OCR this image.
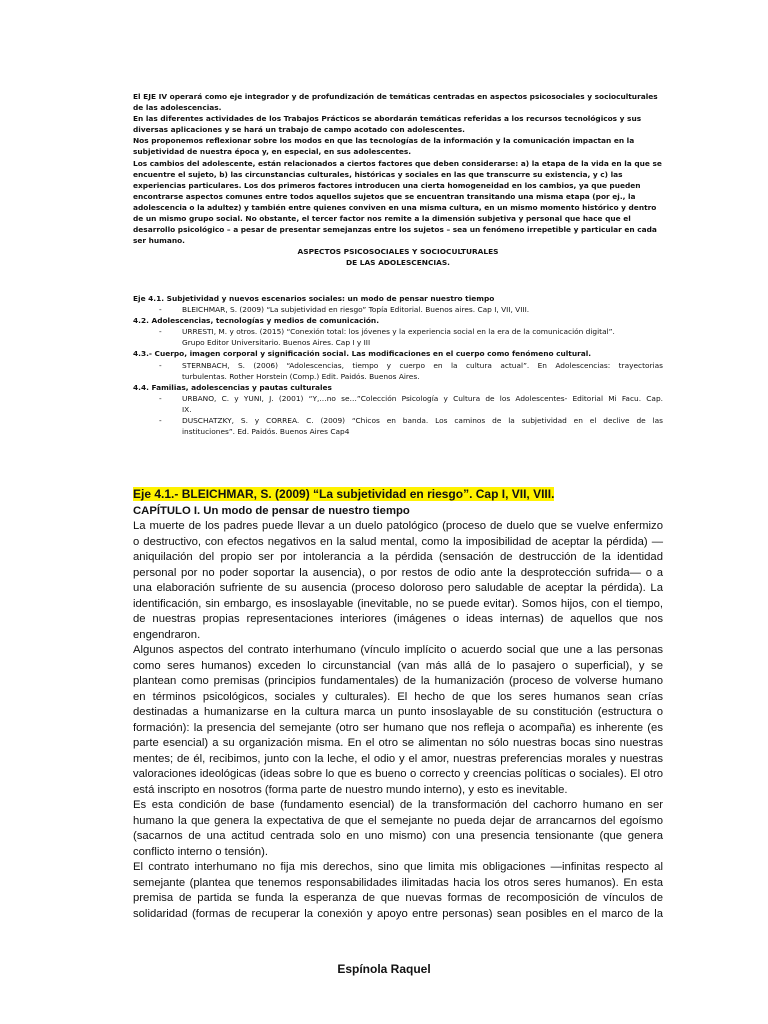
El EJE IV operará como eje integrador y de profundización de temáticas centradas en aspectos psicosociales y socioculturales
de las adolescencias.
En las diferentes actividades de los Trabajos Prácticos se abordarán temáticas referidas a los recursos tecnológicos y sus
diversas aplicaciones y se hará un trabajo de campo acotado con adolescentes.
Nos proponemos reflexionar sobre los modos en que las tecnologías de la información y la comunicación impactan en la
subjetividad de nuestra época y, en especial, en sus adolescentes.
Los cambios del adolescente, están relacionados a ciertos factores que deben considerarse: a) la etapa de la vida en la que se
encuentre el sujeto, b) las circunstancias culturales, históricas y sociales en las que transcurre su existencia, y c) las
experiencias particulares. Los dos primeros factores introducen una cierta homogeneidad en los cambios, ya que pueden
encontrarse aspectos comunes entre todos aquellos sujetos que se encuentran transitando una misma etapa (por ej., la
adolescencia o la adultez) y también entre quienes conviven en una misma cultura, en un mismo momento histórico y dentro
de un mismo grupo social. No obstante, el tercer factor nos remite a la dimensión subjetiva y personal que hace que el
desarrollo psicológico – a pesar de presentar semejanzas entre los sujetos – sea un fenómeno irrepetible y particular en cada
ser humano.
ASPECTOS PSICOSOCIALES Y SOCIOCULTURALES
DE LAS ADOLESCENCIAS.
Eje 4.1. Subjetividad y nuevos escenarios sociales: un modo de pensar nuestro tiempo
-	BLEICHMAR, S. (2009) “La subjetividad en riesgo” Topía Editorial. Buenos aires. Cap I, VII, VIII.
4.2. Adolescencias, tecnologías y medios de comunicación.
-	URRESTI, M. y otros. (2015) “Conexión total: los jóvenes y la experiencia social en la era de la comunicación digital”.
Grupo Editor Universitario. Buenos Aires. Cap I y III
4.3.- Cuerpo, imagen corporal y significación social. Las modificaciones en el cuerpo como fenómeno cultural.
-	STERNBACH, S. (2006) “Adolescencias, tiempo y cuerpo en la cultura actual”. En Adolescencias: trayectorias
turbulentas. Rother Horstein (Comp.) Edit. Paidós. Buenos Aires.
4.4. Familias, adolescencias y pautas culturales
-	URBANO, C. y YUNI, J. (2001) “Y,…no se…”Colección Psicología y Cultura de los Adolescentes- Editorial Mi Facu. Cap.
IX.
-	DUSCHATZKY, S. y CORREA. C. (2009) “Chicos en banda. Los caminos de la subjetividad en el declive de las
instituciones”. Ed. Paidós. Buenos Aires Cap4
Eje 4.1.- BLEICHMAR, S. (2009) “La subjetividad en riesgo”. Cap I, VII, VIII.
CAPÍTULO I. Un modo de pensar de nuestro tiempo
La muerte de los padres puede llevar a un duelo patológico (proceso de duelo que se vuelve enfermizo
o destructivo, con efectos negativos en la salud mental, como la imposibilidad de aceptar la pérdida) —
aniquilación del propio ser por intolerancia a la pérdida (sensación de destrucción de la identidad
personal por no poder soportar la ausencia), o por restos de odio ante la desprotección sufrida— o a
una elaboración sufriente de su ausencia (proceso doloroso pero saludable de aceptar la pérdida). La
identificación, sin embargo, es insoslayable (inevitable, no se puede evitar). Somos hijos, con el tiempo,
de nuestras propias representaciones interiores (imágenes o ideas internas) de aquellos que nos
engendraron.
Algunos aspectos del contrato interhumano (vínculo implícito o acuerdo social que une a las personas
como seres humanos) exceden lo circunstancial (van más allá de lo pasajero o superficial), y se
plantean como premisas (principios fundamentales) de la humanización (proceso de volverse humano
en términos psicológicos, sociales y culturales). El hecho de que los seres humanos sean crías
destinadas a humanizarse en la cultura marca un punto insoslayable de su constitución (estructura o
formación): la presencia del semejante (otro ser humano que nos refleja o acompaña) es inherente (es
parte esencial) a su organización misma. En el otro se alimentan no sólo nuestras bocas sino nuestras
mentes; de él, recibimos, junto con la leche, el odio y el amor, nuestras preferencias morales y nuestras
valoraciones ideológicas (ideas sobre lo que es bueno o correcto y creencias políticas o sociales). El otro
está inscripto en nosotros (forma parte de nuestro mundo interno), y esto es inevitable.
Es esta condición de base (fundamento esencial) de la transformación del cachorro humano en ser
humano la que genera la expectativa de que el semejante no pueda dejar de arrancarnos del egoísmo
(sacarnos de una actitud centrada solo en uno mismo) con una presencia tensionante (que genera
conflicto interno o tensión).
El contrato interhumano no fija mis derechos, sino que limita mis obligaciones —infinitas respecto al
semejante (plantea que tenemos responsabilidades ilimitadas hacia los otros seres humanos). En esta
premisa de partida se funda la esperanza de que nuevas formas de recomposición de vínculos de
solidaridad (formas de recuperar la conexión y apoyo entre personas) sean posibles en el marco de la
Espínola Raquel
